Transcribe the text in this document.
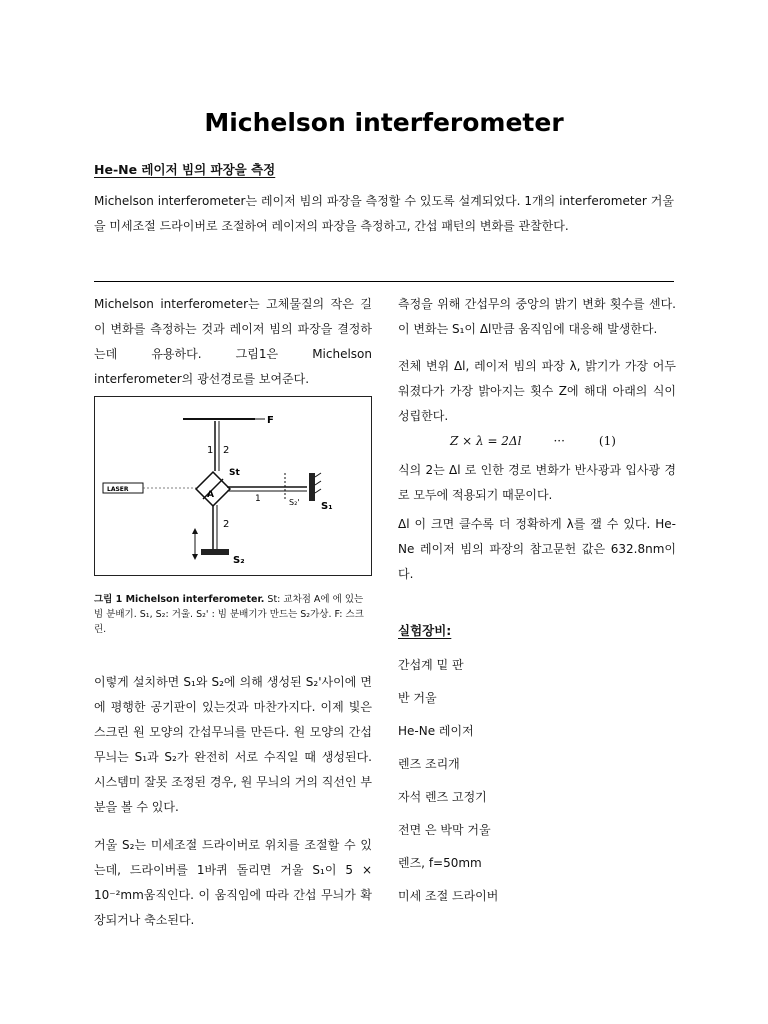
Michelson interferometer
He-Ne 레이저 빔의 파장을 측정
Michelson interferometer는 레이저 빔의 파장을 측정할 수 있도록 설계되었다. 1개의 interferometer 거울을 미세조절 드라이버로 조절하여 레이저의 파장을 측정하고, 간섭 패턴의 변화를 관찰한다.

Michelson interferometer는 고체물질의 작은 길이 변화를 측정하는 것과 레이저 빔의 파장을 결정하는데 유용하다. 그림1은 Michelson interferometer의 광선경로를 보여준다.

F
1 2
LASER
St
A	1	S₂' S₁
2
S₂
그림 1 Michelson interferometer. St: 교차점 A에 에 있는 빔 분배기. S₁, S₂: 거울. S₂' : 빔 분배기가 만드는 S₂가상. F: 스크린.

이렇게 설치하면 S₁와 S₂에 의해 생성된 S₂'사이에 면에 평행한 공기판이 있는것과 마찬가지다. 이제 빛은 스크린 원 모양의 간섭무늬를 만든다. 원 모양의 간섭무늬는 S₁과 S₂가 완전히 서로 수직일 때 생성된다. 시스템미 잘못 조정된 경우, 원 무늬의 거의 직선인 부분을 볼 수 있다.

거울 S₂는 미세조절 드라이버로 위치를 조절할 수 있는데, 드라이버를 1바퀴 돌리면 거울 S₁이 5 × 10⁻²mm움직인다. 이 움직임에 따라 간섭 무늬가 확장되거나 축소된다.

측정을 위해 간섭무의 중앙의 밝기 변화 횟수를 센다. 이 변화는 S₁이 Δl만큼 움직임에 대응해 발생한다.

전체 변위 Δl, 레이저 빔의 파장 λ, 밝기가 가장 어두워졌다가 가장 밝아지는 횟수 Z에 해대 아래의 식이 성립한다.

Z × λ = 2Δl	···	(1)

식의 2는 Δl 로 인한 경로 변화가 반사광과 입사광 경로 모두에 적용되기 때문이다.

Δl 이 크면 클수록 더 정확하게 λ를 잴 수 있다. He-Ne 레이저 빔의 파장의 참고문헌 값은 632.8nm이다.

실험장비:
간섭계 밑 판
반 거울
He-Ne 레이저
렌즈 조리개
자석 렌즈 고정기
전면 은 박막 거울
렌즈, f=50mm
미세 조절 드라이버
